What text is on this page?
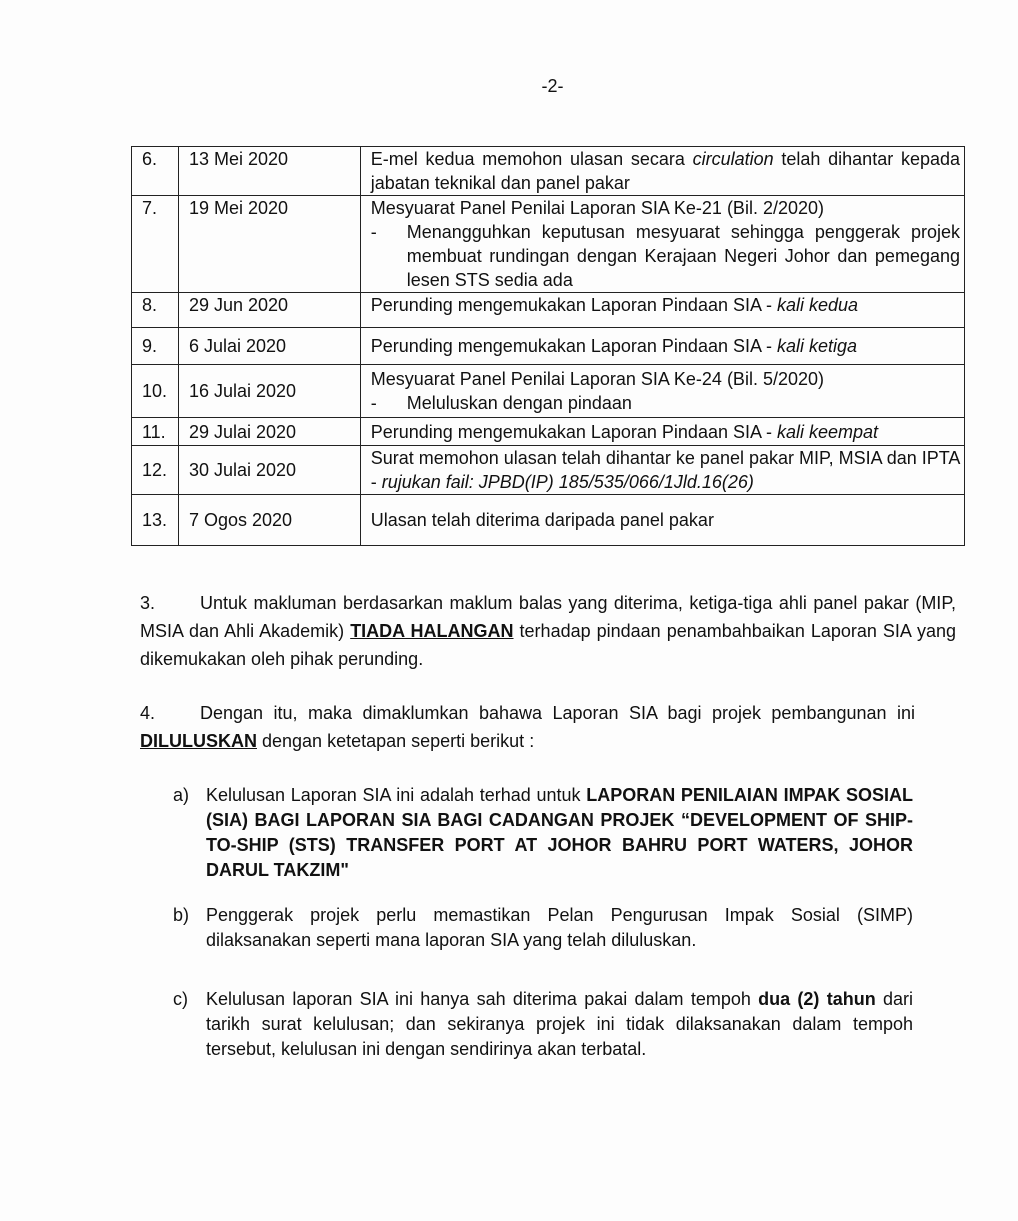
-2-
6.	13 Mei 2020	E-mel kedua memohon ulasan secara circulation telah dihantar kepada jabatan teknikal dan panel pakar
7.	19 Mei 2020	Mesyuarat Panel Penilai Laporan SIA Ke-21 (Bil. 2/2020)
- Menangguhkan keputusan mesyuarat sehingga penggerak projek membuat rundingan dengan Kerajaan Negeri Johor dan pemegang lesen STS sedia ada

8.	29 Jun 2020	Perunding mengemukakan Laporan Pindaan SIA - kali kedua
9.	6 Julai 2020	Perunding mengemukakan Laporan Pindaan SIA - kali ketiga
10.	16 Julai 2020	Mesyuarat Panel Penilai Laporan SIA Ke-24 (Bil. 5/2020)
- Meluluskan dengan pindaan

11.	29 Julai 2020	Perunding mengemukakan Laporan Pindaan SIA - kali keempat
12.	30 Julai 2020	Surat memohon ulasan telah dihantar ke panel pakar MIP, MSIA dan IPTA - rujukan fail: JPBD(IP) 185/535/066/1Jld.16(26)
13.	7 Ogos 2020	Ulasan telah diterima daripada panel pakar
3. Untuk makluman berdasarkan maklum balas yang diterima, ketiga-tiga ahli panel pakar (MIP, MSIA dan Ahli Akademik) TIADA HALANGAN terhadap pindaan penambahbaikan Laporan SIA yang dikemukakan oleh pihak perunding.
4. Dengan itu, maka dimaklumkan bahawa Laporan SIA bagi projek pembangunan ini DILULUSKAN dengan ketetapan seperti berikut :
a) Kelulusan Laporan SIA ini adalah terhad untuk LAPORAN PENILAIAN IMPAK SOSIAL (SIA) BAGI LAPORAN SIA BAGI CADANGAN PROJEK “DEVELOPMENT OF SHIP-TO-SHIP (STS) TRANSFER PORT AT JOHOR BAHRU PORT WATERS, JOHOR DARUL TAKZIM"
b) Penggerak projek perlu memastikan Pelan Pengurusan Impak Sosial (SIMP) dilaksanakan seperti mana laporan SIA yang telah diluluskan.
c)	Kelulusan laporan SIA ini hanya sah diterima pakai dalam tempoh dua (2) tahun dari tarikh surat kelulusan; dan sekiranya projek ini tidak dilaksanakan dalam tempoh tersebut, kelulusan ini dengan sendirinya akan terbatal.
